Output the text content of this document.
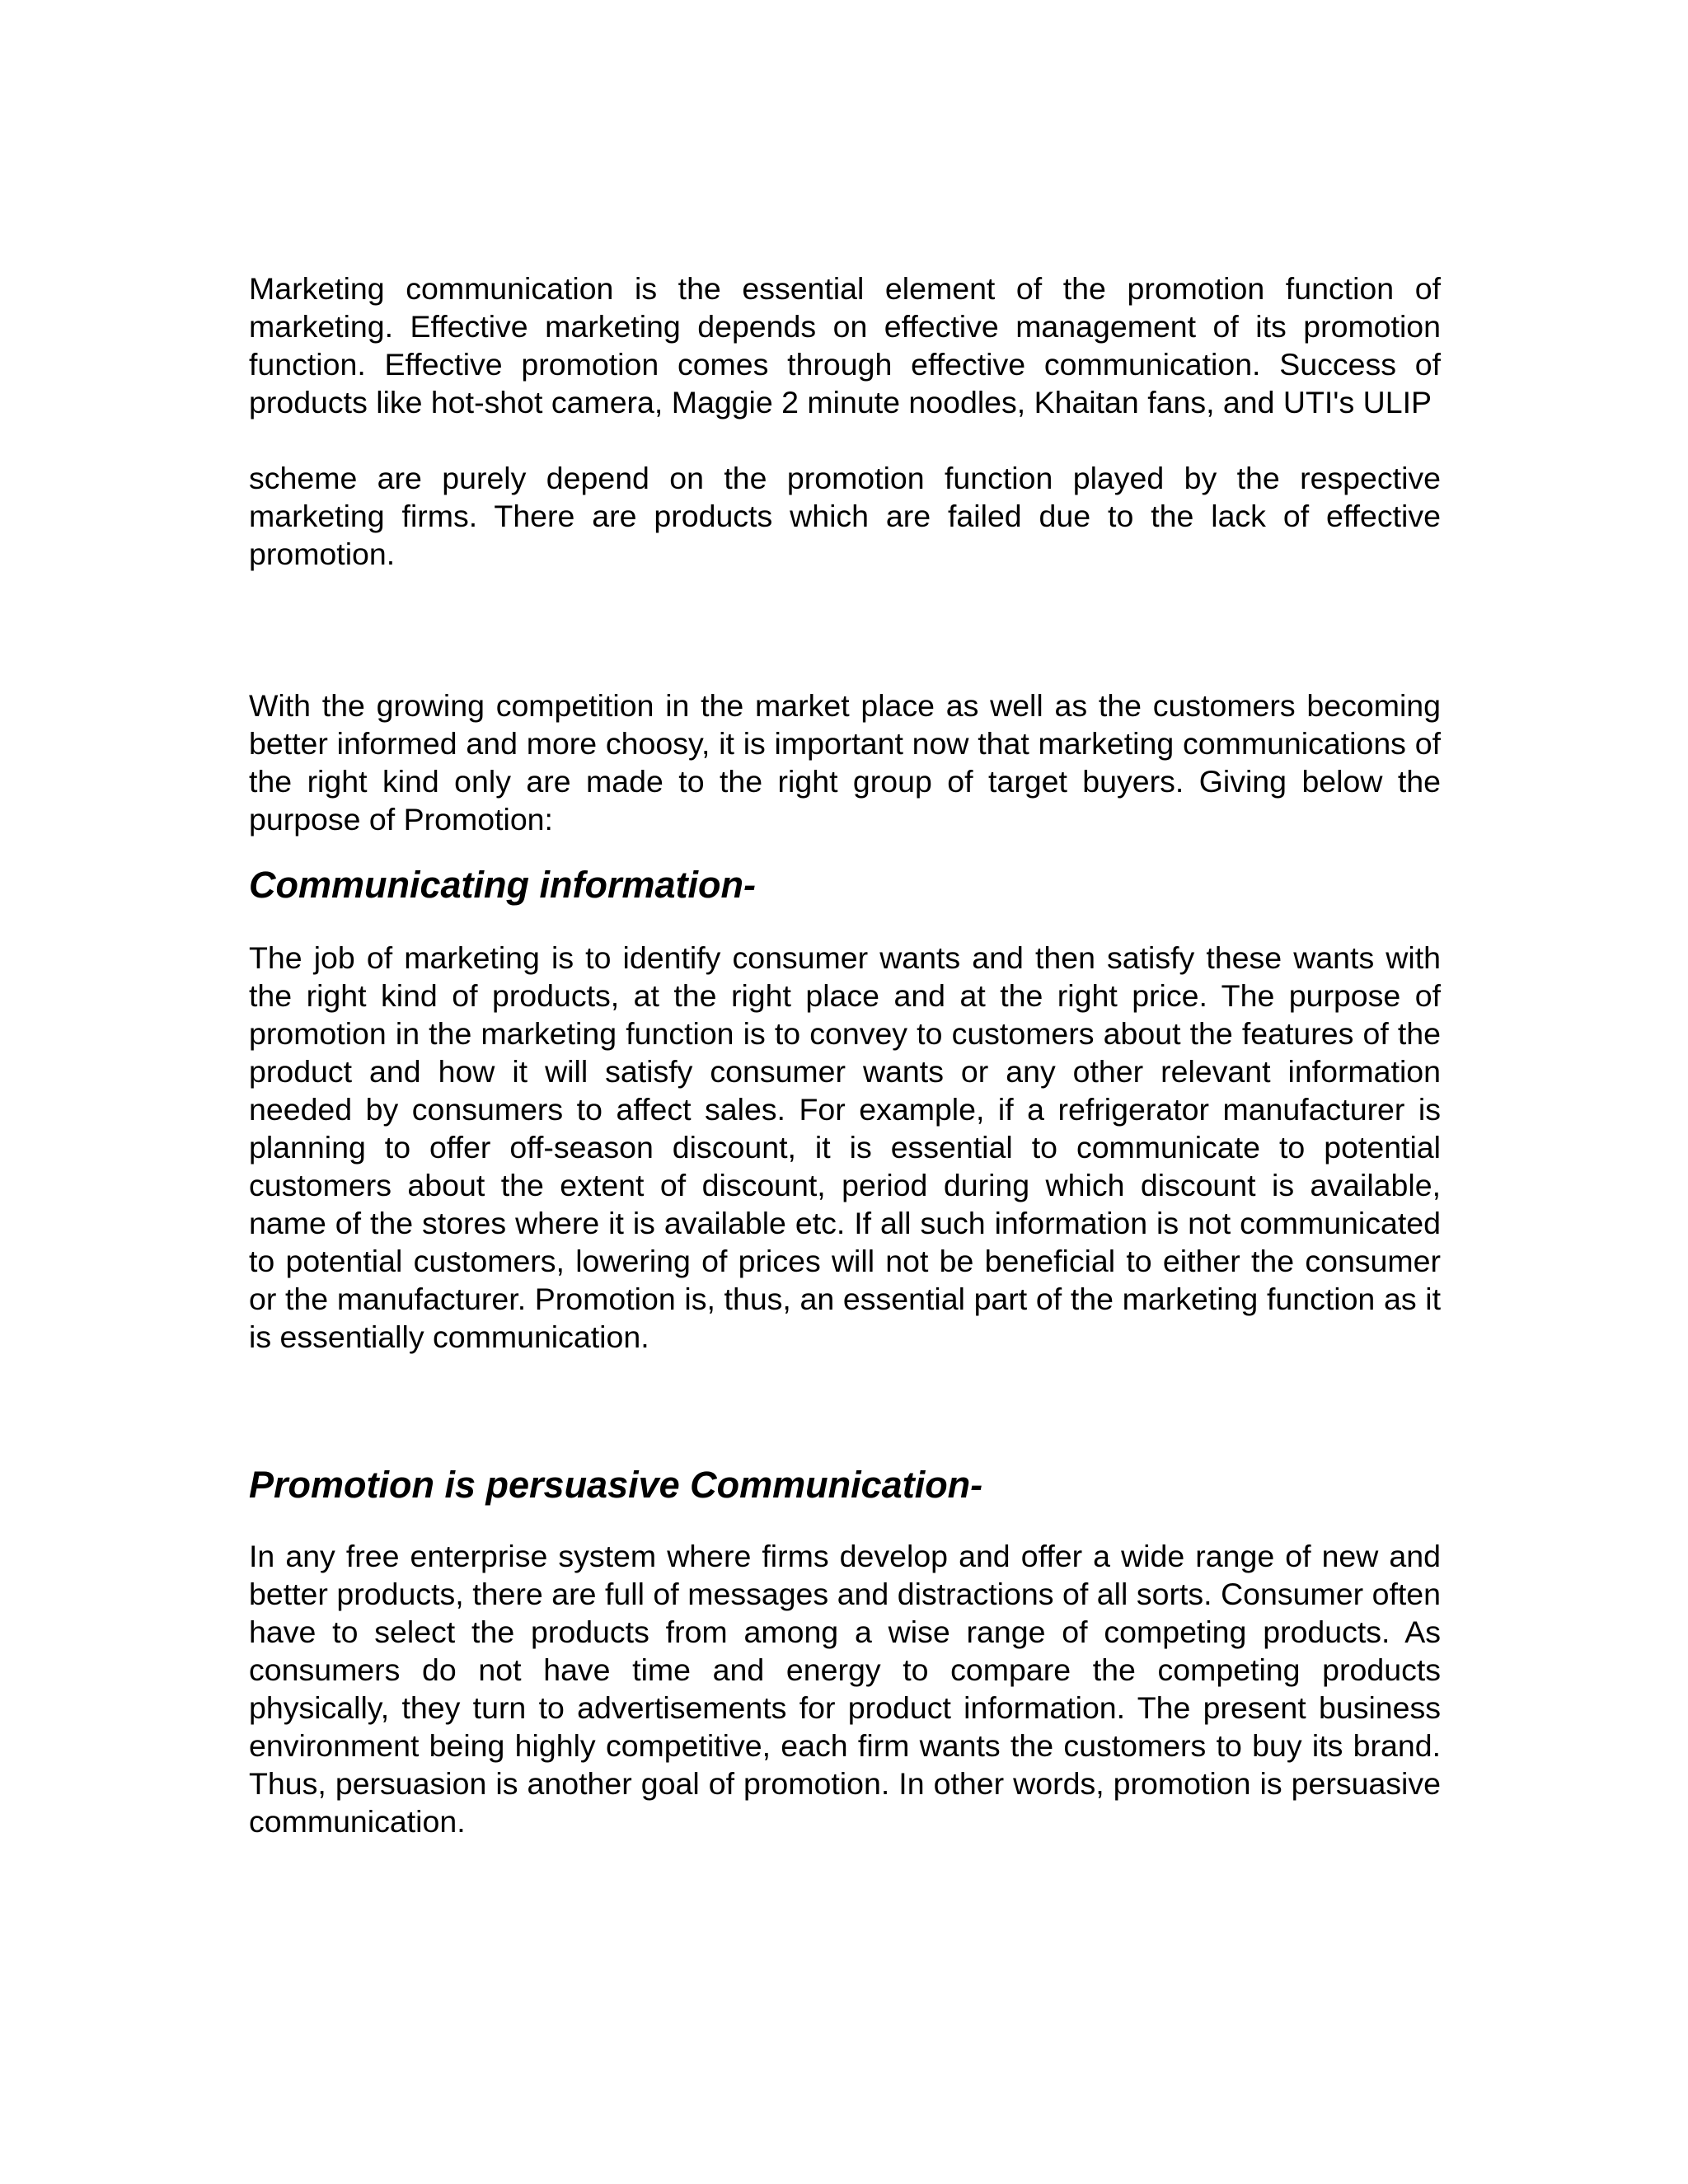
Marketing communication is the essential element of the promotion function of marketing. Effective marketing depends on effective management of its promotion function. Effective promotion comes through effective communication. Success of products like hot-shot camera, Maggie 2 minute noodles, Khaitan fans, and UTI's ULIP

scheme are purely depend on the promotion function played by the respective marketing firms. There are products which are failed due to the lack of effective promotion.

With the growing competition in the market place as well as the customers becoming better informed and more choosy, it is important now that marketing communications of the right kind only are made to the right group of target buyers. Giving below the purpose of Promotion:

Communicating information-

The job of marketing is to identify consumer wants and then satisfy these wants with the right kind of products, at the right place and at the right price. The purpose of promotion in the marketing function is to convey to customers about the features of the product and how it will satisfy consumer wants or any other relevant information needed by consumers to affect sales. For example, if a refrigerator manufacturer is planning to offer off-season discount, it is essential to communicate to potential customers about the extent of discount, period during which discount is available, name of the stores where it is available etc. If all such information is not communicated to potential customers, lowering of prices will not be beneficial to either the consumer or the manufacturer. Promotion is, thus, an essential part of the marketing function as it is essentially communication.

Promotion is persuasive Communication-

In any free enterprise system where firms develop and offer a wide range of new and better products, there are full of messages and distractions of all sorts. Consumer often have to select the products from among a wise range of competing products. As consumers do not have time and energy to compare the competing products physically, they turn to advertisements for product information. The present business environment being highly competitive, each firm wants the customers to buy its brand. Thus, persuasion is another goal of promotion. In other words, promotion is persuasive communication.
